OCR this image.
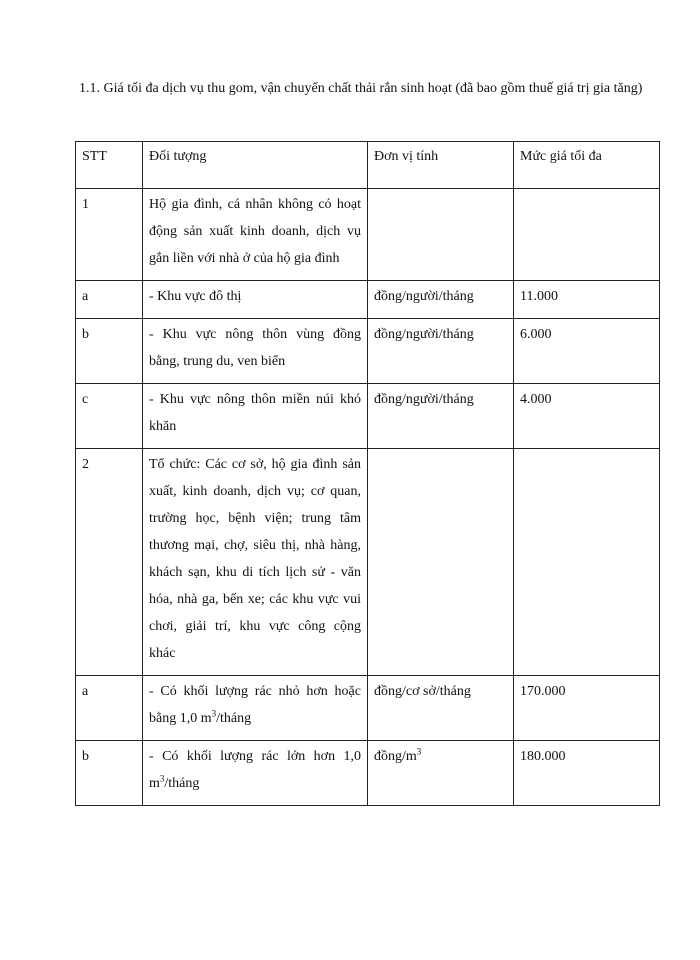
1.1. Giá tối đa dịch vụ thu gom, vận chuyển chất thải rắn sinh hoạt (đã bao gồm thuế giá trị gia tăng)

STT	Đối tượng	Đơn vị tính	Mức giá tối đa
1	Hộ gia đình, cá nhân không có hoạt động sản xuất kinh doanh, dịch vụ gắn liền với nhà ở của hộ gia đình		
a	- Khu vực đô thị	đồng/người/tháng	11.000
b	- Khu vực nông thôn vùng đồng bằng, trung du, ven biển	đồng/người/tháng	6.000
c	- Khu vực nông thôn miền núi khó khăn	đồng/người/tháng	4.000
2	Tổ chức: Các cơ sở, hộ gia đình sản xuất, kinh doanh, dịch vụ; cơ quan, trường học, bệnh viện; trung tâm thương mại, chợ, siêu thị, nhà hàng, khách sạn, khu di tích lịch sử - văn hóa, nhà ga, bến xe; các khu vực vui chơi, giải trí, khu vực công cộng khác		
a	- Có khối lượng rác nhỏ hơn hoặc bằng 1,0 $m^3$/tháng	đồng/cơ sở/tháng	170.000
b	- Có khối lượng rác lớn hơn 1,0 $m^3$/tháng	đồng/$m^3$	180.000
